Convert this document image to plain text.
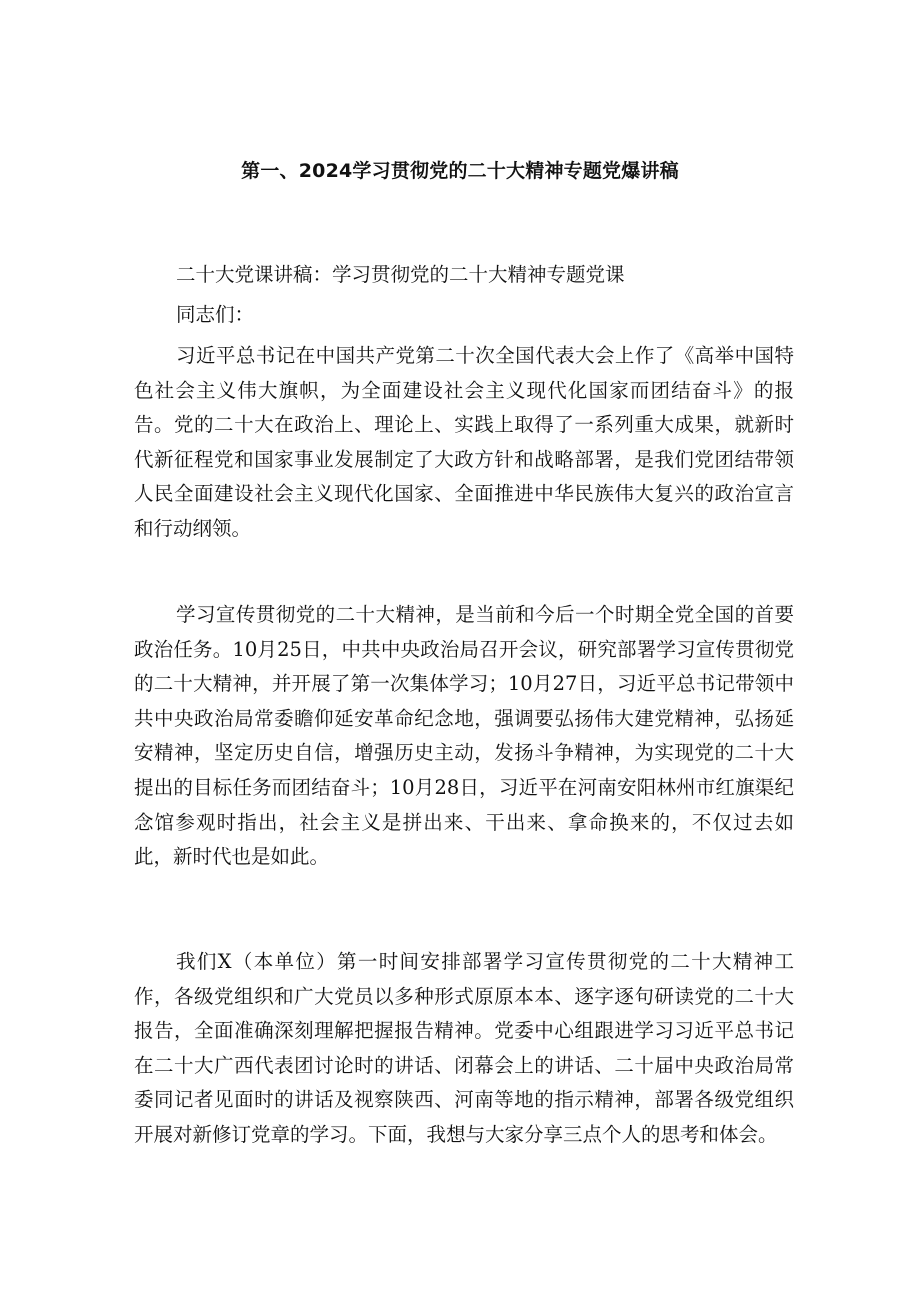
第一、2024学习贯彻党的二十大精神专题党爆讲稿

二十大党课讲稿：学习贯彻党的二十大精神专题党课

同志们：

习近平总书记在中国共产党第二十次全国代表大会上作了《高举中国特色社会主义伟大旗帜，为全面建设社会主义现代化国家而团结奋斗》的报告。党的二十大在政治上、理论上、实践上取得了一系列重大成果，就新时代新征程党和国家事业发展制定了大政方针和战略部署，是我们党团结带领人民全面建设社会主义现代化国家、全面推进中华民族伟大复兴的政治宣言和行动纲领。

学习宣传贯彻党的二十大精神，是当前和今后一个时期全党全国的首要政治任务。10月25日，中共中央政治局召开会议，研究部署学习宣传贯彻党的二十大精神，并开展了第一次集体学习；10月27日，习近平总书记带领中共中央政治局常委瞻仰延安革命纪念地，强调要弘扬伟大建党精神，弘扬延安精神，坚定历史自信，增强历史主动，发扬斗争精神，为实现党的二十大提出的目标任务而团结奋斗；10月28日，习近平在河南安阳林州市红旗渠纪念馆参观时指出，社会主义是拼出来、干出来、拿命换来的，不仅过去如此，新时代也是如此。

我们X（本单位）第一时间安排部署学习宣传贯彻党的二十大精神工作，各级党组织和广大党员以多种形式原原本本、逐字逐句研读党的二十大报告，全面准确深刻理解把握报告精神。党委中心组跟进学习习近平总书记在二十大广西代表团讨论时的讲话、闭幕会上的讲话、二十届中央政治局常委同记者见面时的讲话及视察陕西、河南等地的指示精神，部署各级党组织开展对新修订党章的学习。下面，我想与大家分享三点个人的思考和体会。
